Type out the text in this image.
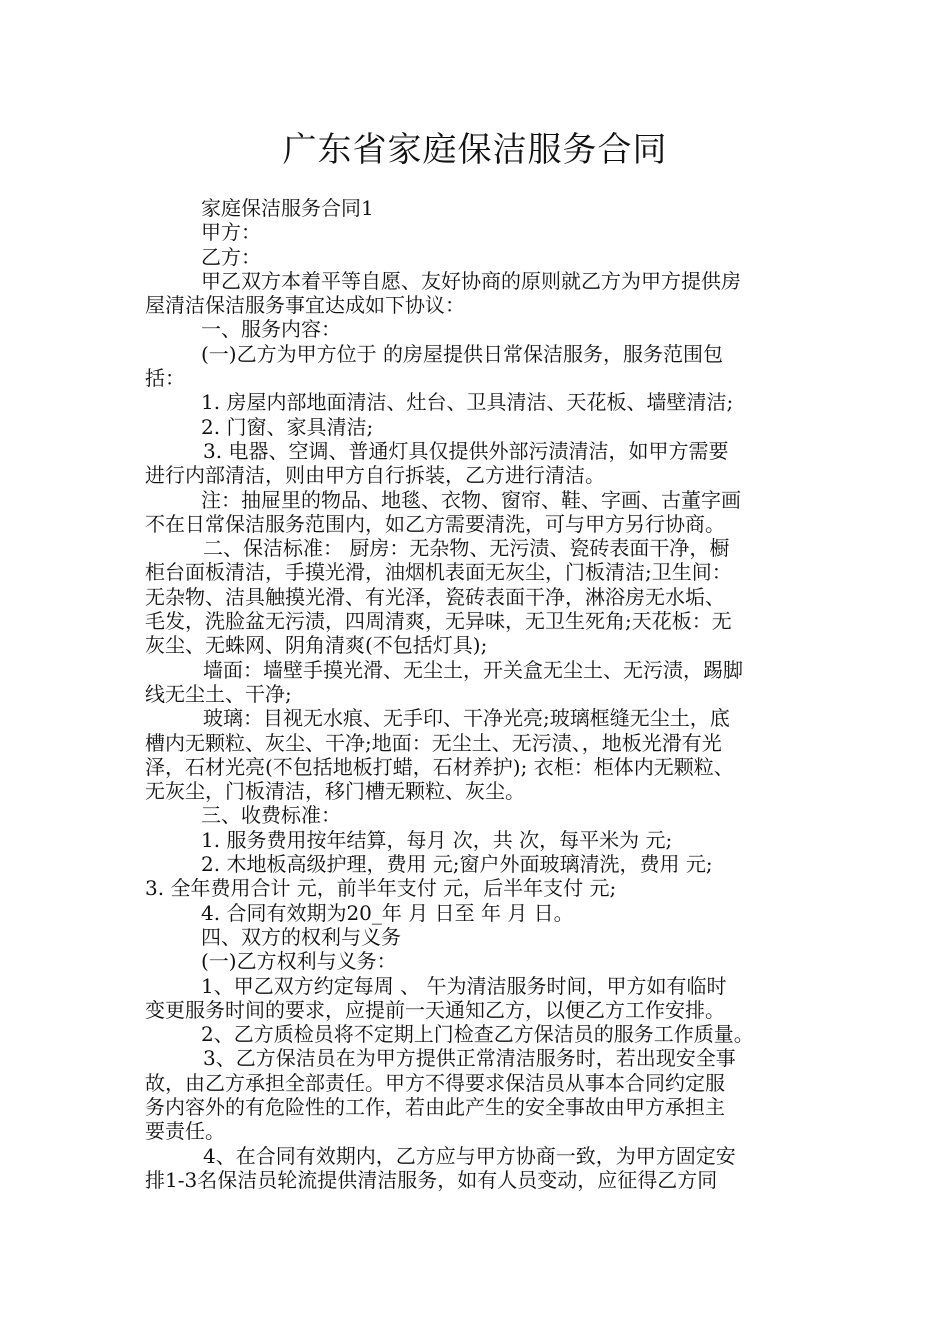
广东省家庭保洁服务合同

家庭保洁服务合同1

甲方：

乙方：

甲乙双方本着平等自愿、友好协商的原则就乙方为甲方提供房

屋清洁保洁服务事宜达成如下协议：

一、服务内容：

(一)乙方为甲方位于 的房屋提供日常保洁服务，服务范围包

括：

1. 房屋内部地面清洁、灶台、卫具清洁、天花板、墙壁清洁;

2. 门窗、家具清洁;

3. 电器、空调、普通灯具仅提供外部污渍清洁，如甲方需要

进行内部清洁，则由甲方自行拆装，乙方进行清洁。

注：抽屉里的物品、地毯、衣物、窗帘、鞋、字画、古董字画

不在日常保洁服务范围内，如乙方需要清洗，可与甲方另行协商。

二、保洁标准： 厨房：无杂物、无污渍、瓷砖表面干净，橱

柜台面板清洁，手摸光滑，油烟机表面无灰尘，门板清洁;卫生间：

无杂物、洁具触摸光滑、有光泽，瓷砖表面干净，淋浴房无水垢、

毛发，洗脸盆无污渍，四周清爽，无异味，无卫生死角;天花板：无

灰尘、无蛛网、阴角清爽(不包括灯具);

墙面：墙壁手摸光滑、无尘土，开关盒无尘土、无污渍，踢脚

线无尘土、干净;

玻璃：目视无水痕、无手印、干净光亮;玻璃框缝无尘土，底

槽内无颗粒、灰尘、干净;地面：无尘土、无污渍、，地板光滑有光

泽，石材光亮(不包括地板打蜡，石材养护); 衣柜：柜体内无颗粒、

无灰尘，门板清洁，移门槽无颗粒、灰尘。

三、收费标准：

1. 服务费用按年结算，每月 次，共 次，每平米为 元;

2. 木地板高级护理，费用 元;窗户外面玻璃清洗，费用 元;

3. 全年费用合计 元，前半年支付 元，后半年支付 元;

4. 合同有效期为20_年 月 日至 年 月 日。

四、双方的权利与义务

(一)乙方权利与义务：

1、甲乙双方约定每周 、 午为清洁服务时间，甲方如有临时

变更服务时间的要求，应提前一天通知乙方，以便乙方工作安排。

2、乙方质检员将不定期上门检查乙方保洁员的服务工作质量。

3、乙方保洁员在为甲方提供正常清洁服务时，若出现安全事

故，由乙方承担全部责任。甲方不得要求保洁员从事本合同约定服

务内容外的有危险性的工作，若由此产生的安全事故由甲方承担主

要责任。

4、在合同有效期内，乙方应与甲方协商一致，为甲方固定安

排1-3名保洁员轮流提供清洁服务，如有人员变动，应征得乙方同
